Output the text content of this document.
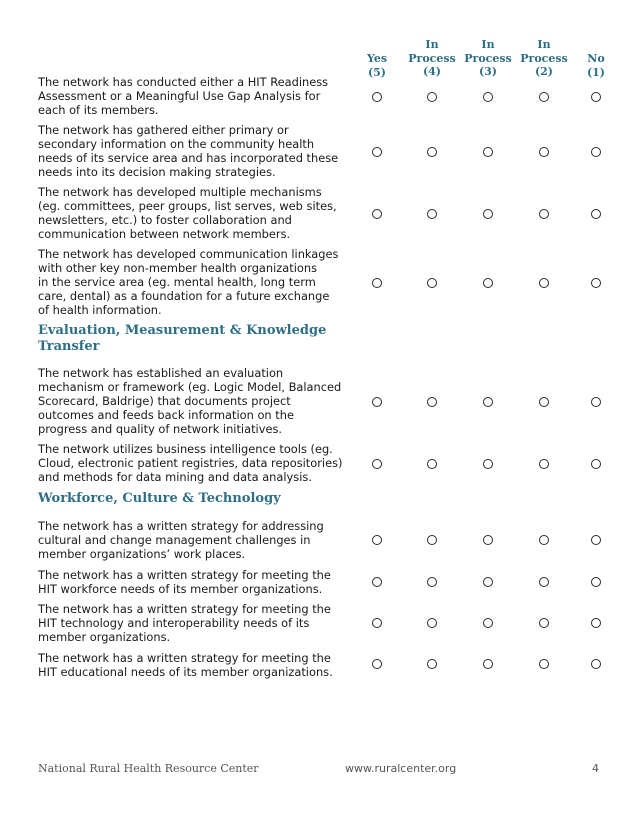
Yes
(5)
In
Process
(4)
In
Process
(3)
In
Process
(2)
No
(1)
The network has conducted either a HIT Readiness
Assessment or a Meaningful Use Gap Analysis for
each of its members.
The network has gathered either primary or
secondary information on the community health
needs of its service area and has incorporated these
needs into its decision making strategies.
The network has developed multiple mechanisms
(eg. committees, peer groups, list serves, web sites,
newsletters, etc.) to foster collaboration and
communication between network members.
The network has developed communication linkages
with other key non-member health organizations
in the service area (eg. mental health, long term
care, dental) as a foundation for a future exchange
of health information.
Evaluation, Measurement & Knowledge
Transfer
The network has established an evaluation
mechanism or framework (eg. Logic Model, Balanced
Scorecard, Baldrige) that documents project
outcomes and feeds back information on the
progress and quality of network initiatives.
The network utilizes business intelligence tools (eg.
Cloud, electronic patient registries, data repositories)
and methods for data mining and data analysis.
Workforce, Culture & Technology
The network has a written strategy for addressing
cultural and change management challenges in
member organizations’ work places.
The network has a written strategy for meeting the
HIT workforce needs of its member organizations.
The network has a written strategy for meeting the
HIT technology and interoperability needs of its
member organizations.
The network has a written strategy for meeting the
HIT educational needs of its member organizations.
National Rural Health Resource Center	www.ruralcenter.org	4
